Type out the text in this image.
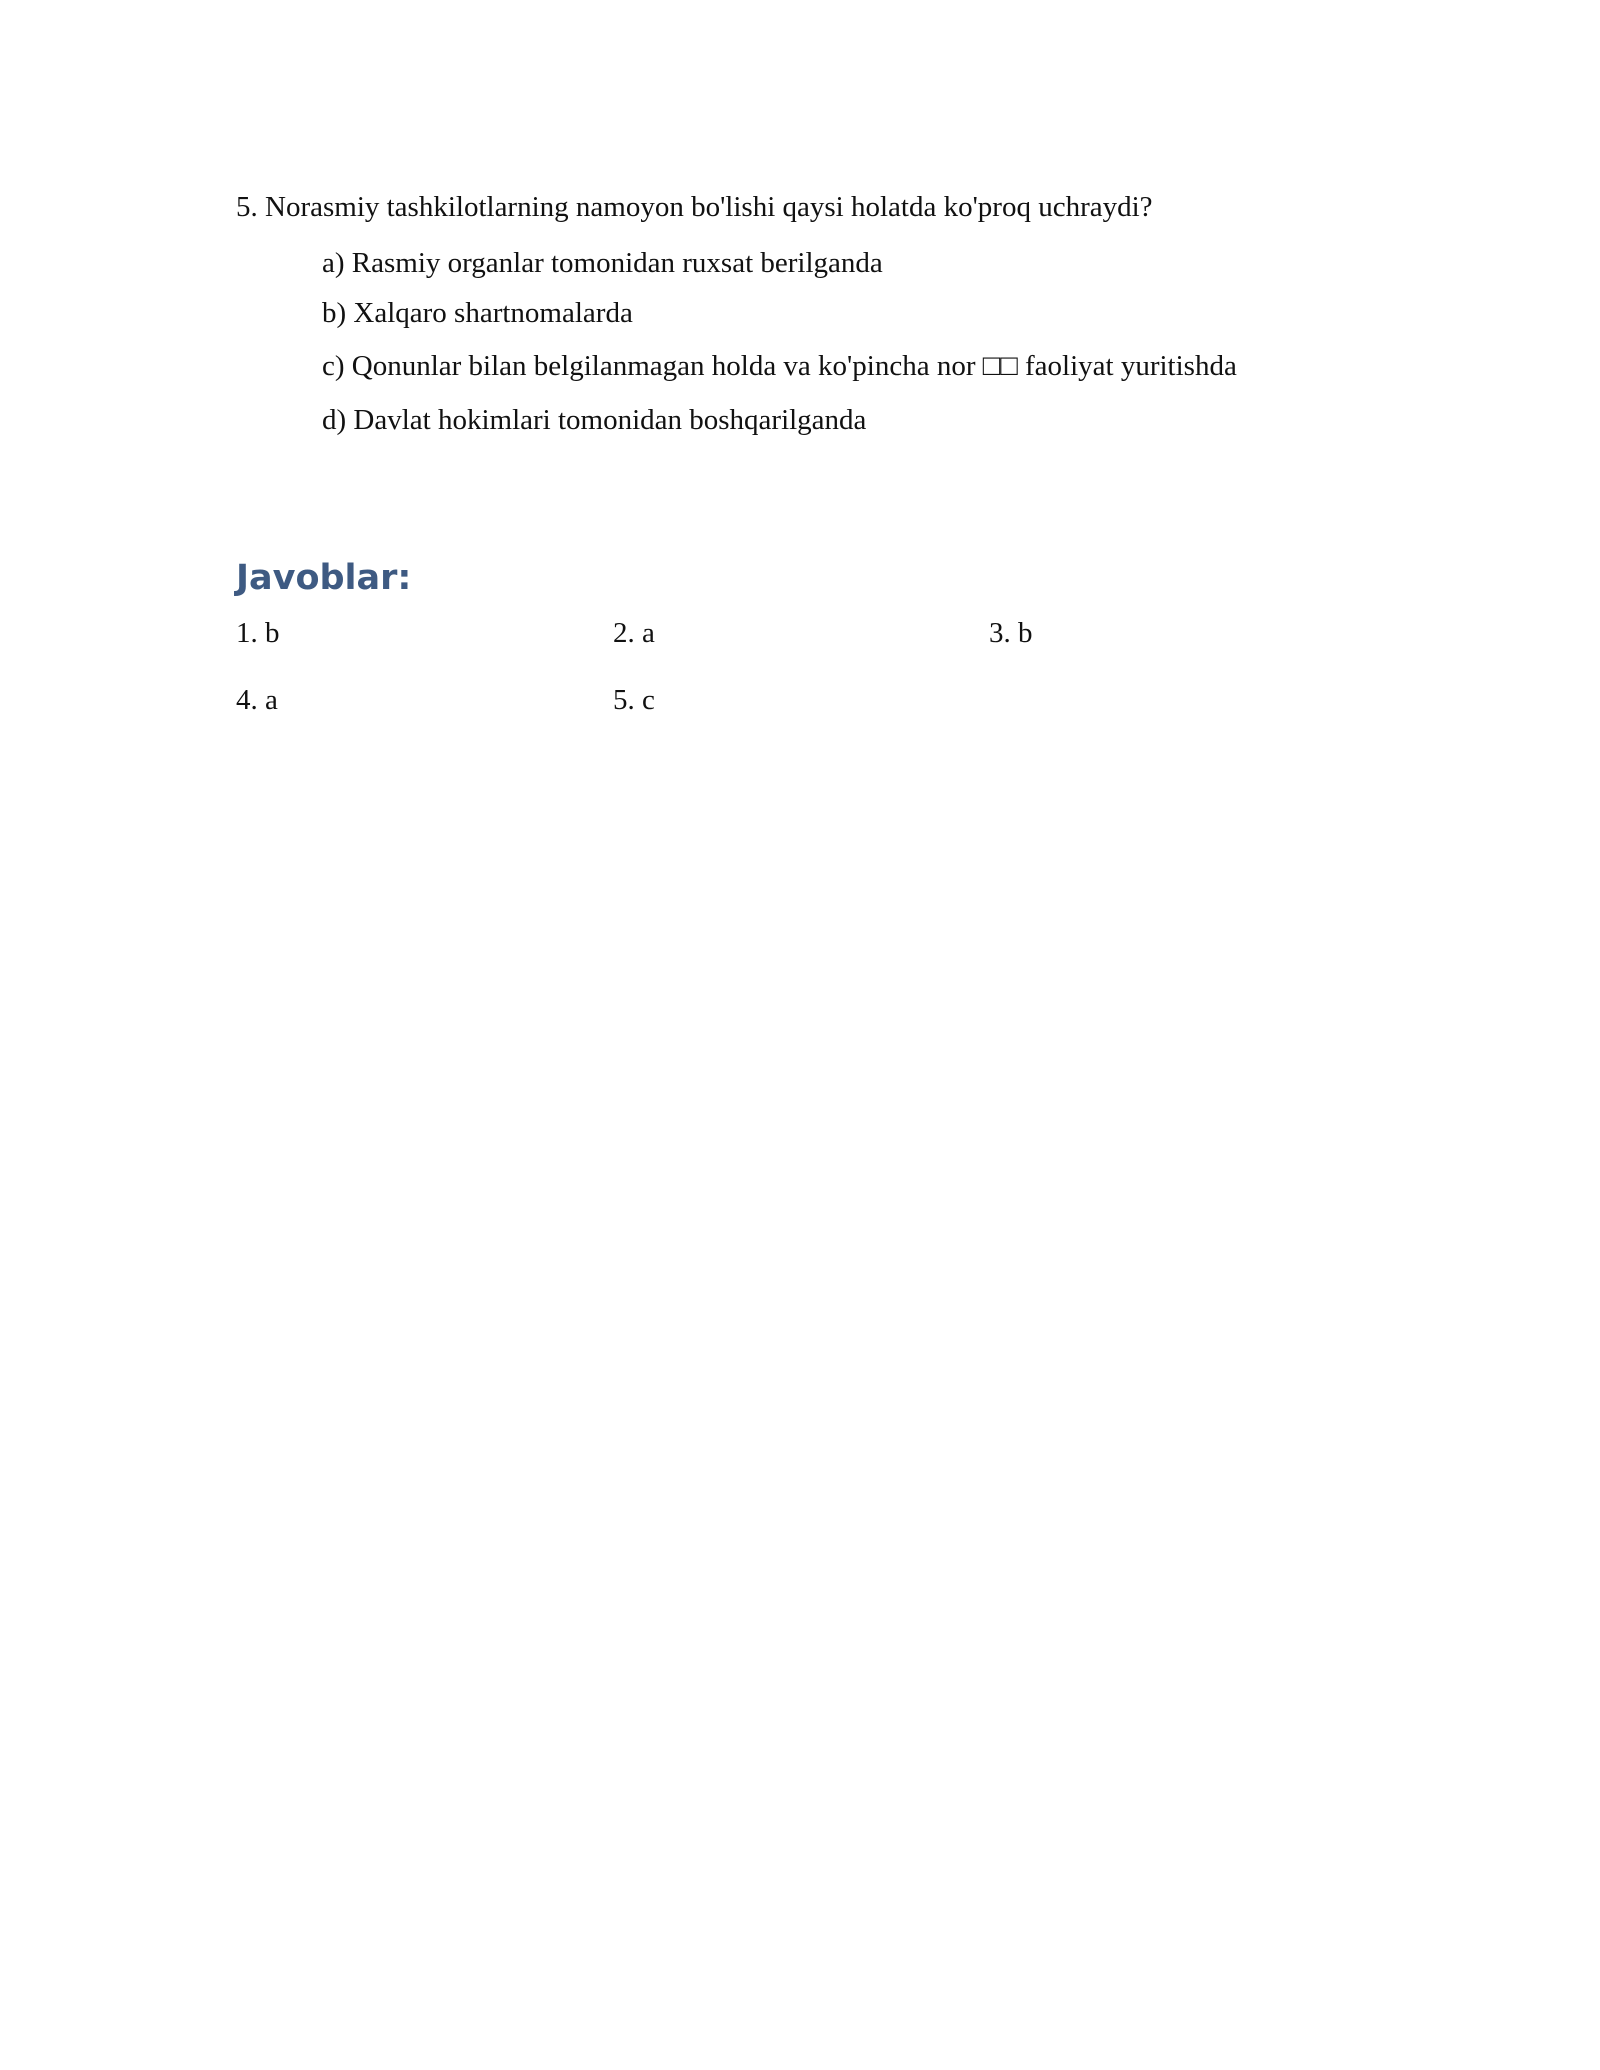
5. Norasmiy tashkilotlarning namoyon bo'lishi qaysi holatda ko'proq uchraydi?
a) Rasmiy organlar tomonidan ruxsat berilganda
b) Xalqaro shartnomalarda
c) Qonunlar bilan belgilanmagan holda va ko'pincha nor □□ faoliyat yuritishda
d) Davlat hokimlari tomonidan boshqarilganda
Javoblar:
1. b	2. a	3. b
4. a	5. c
